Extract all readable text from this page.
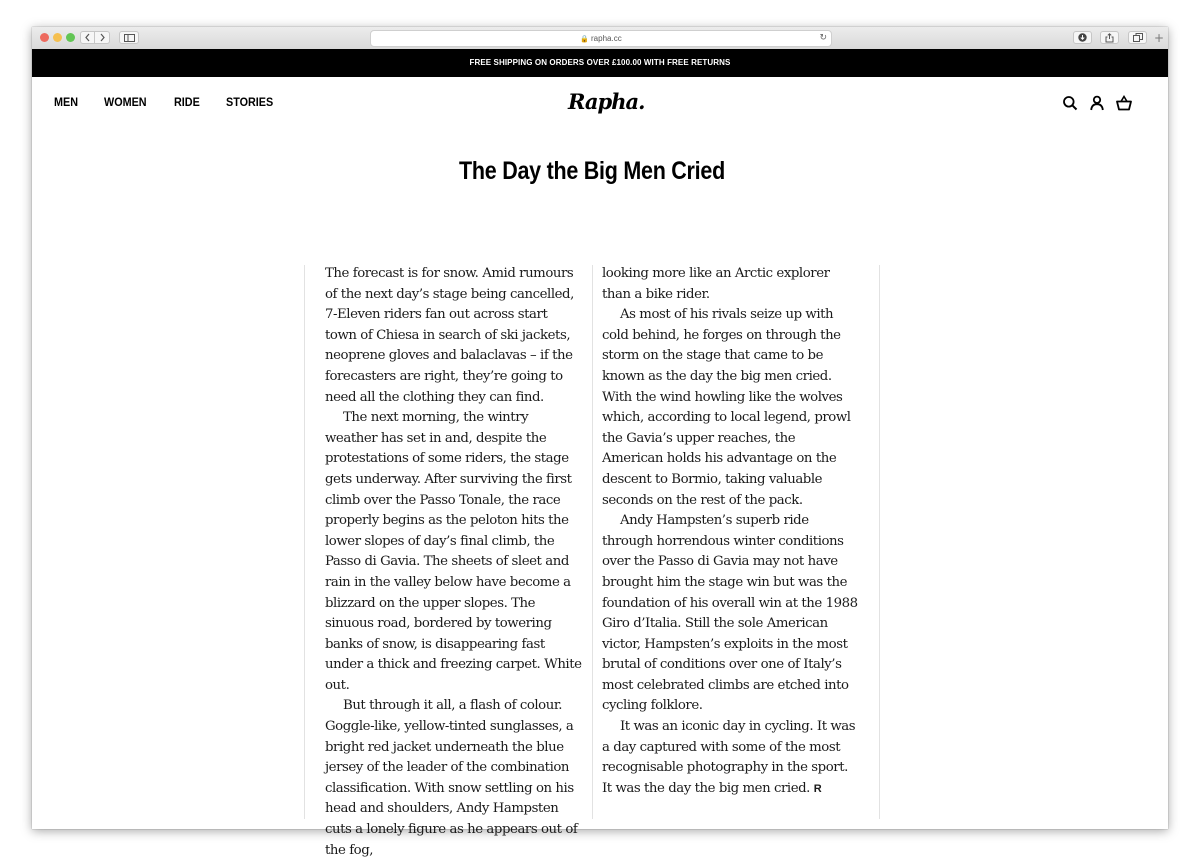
🔒 rapha.cc	↻	+
FREE SHIPPING ON ORDERS OVER £100.00 WITH FREE RETURNS
MEN WOMEN RIDE STORIES	Rapha.
The Day the Big Men Cried

The forecast is for snow. Amid rumours of the next day’s stage being cancelled, 7-Eleven riders fan out across start town of Chiesa in search of ski jackets, neoprene gloves and balaclavas – if the forecasters are right, they’re going to need all the clothing they can find.

The next morning, the wintry weather has set in and, despite the protestations of some riders, the stage gets underway. After surviving the first climb over the Passo Tonale, the race properly begins as the peloton hits the lower slopes of day’s final climb, the Passo di Gavia. The sheets of sleet and rain in the valley below have become a blizzard on the upper slopes. The sinuous road, bordered by towering banks of snow, is disappearing fast under a thick and freezing carpet. White out.

But through it all, a flash of colour. Goggle-like, yellow-tinted sunglasses, a bright red jacket underneath the blue jersey of the leader of the combination classification. With snow settling on his head and shoulders, Andy Hampsten cuts a lonely figure as he appears out of the fog,

looking more like an Arctic explorer than a bike rider.

As most of his rivals seize up with cold behind, he forges on through the storm on the stage that came to be known as the day the big men cried. With the wind howling like the wolves which, according to local legend, prowl the Gavia’s upper reaches, the American holds his advantage on the descent to Bormio, taking valuable seconds on the rest of the pack.

Andy Hampsten’s superb ride through horrendous winter conditions over the Passo di Gavia may not have brought him the stage win but was the foundation of his overall win at the 1988 Giro d’Italia. Still the sole American victor, Hampsten’s exploits in the most brutal of conditions over one of Italy’s most celebrated climbs are etched into cycling folklore.

It was an iconic day in cycling. It was a day captured with some of the most recognisable photography in the sport. It was the day the big men cried. R
